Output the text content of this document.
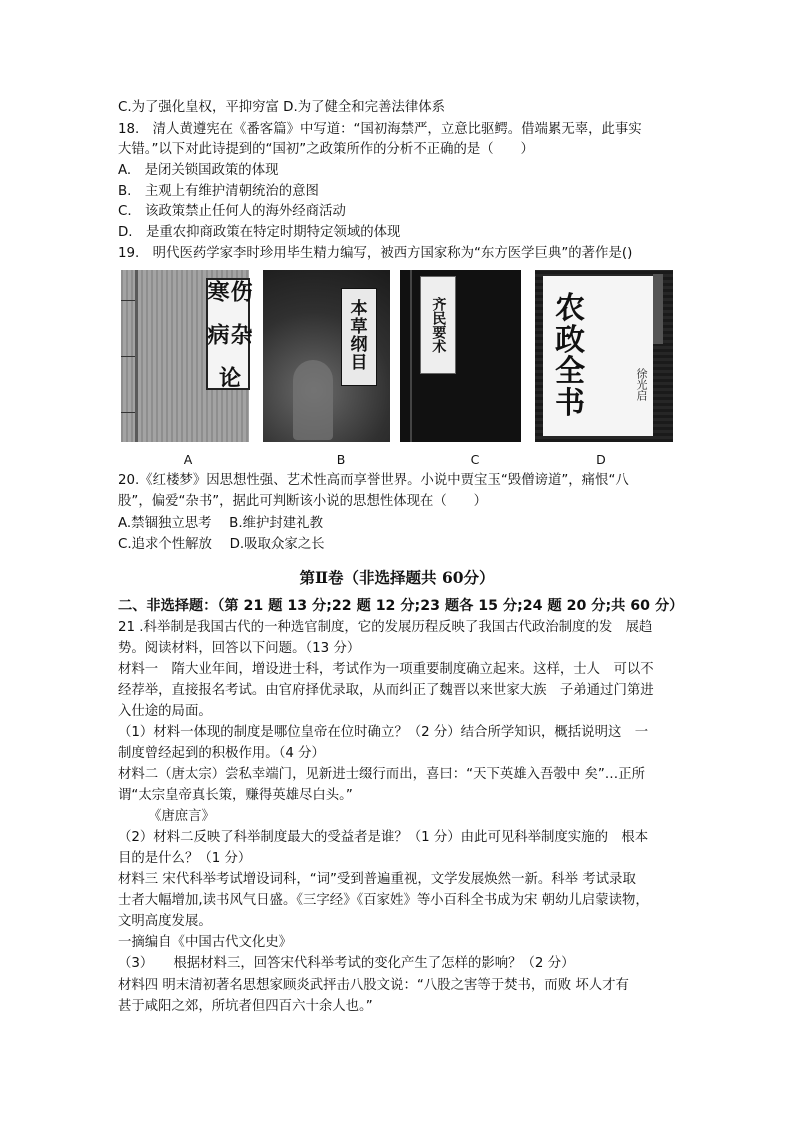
C.为了强化皇权，平抑穷富 D.为了健全和完善法律体系
18.　清人黄遵宪在《番客篇》中写道：“国初海禁严，立意比驱鳄。借端累无辜，此事实
大错。”以下对此诗提到的“国初”之政策所作的分析不正确的是（　　）
A.　是闭关锁国政策的体现
B.　主观上有维护清朝统治的意图
C.　该政策禁止任何人的海外经商活动
D.　是重农抑商政策在特定时期特定领域的体现
19.　明代医药学家李时珍用毕生精力编写，被西方国家称为“东方医学巨典”的著作是()
伤寒
杂病
论
本
草
纲
目
齐民
要术
农
政
全
书
徐光启
A	B	C	D
20.《红楼梦》因思想性强、艺术性高而享誉世界。小说中贾宝玉“毁僧谤道”，痛恨“八
股”，偏爱“杂书”，据此可判断该小说的思想性体现在（　　）
A.禁锢独立思考　 B.维护封建礼教
C.追求个性解放　 D.吸取众家之长
第Ⅱ卷（非选择题共 60分）
二、非选择题：（第 21 题 13 分;22 题 12 分;23 题各 15 分;24 题 20 分;共 60 分）
21 .科举制是我国古代的一种选官制度，它的发展历程反映了我国古代政治制度的发　展趋
势。阅读材料，回答以下问题。（13 分）
材料一　隋大业年间，增设进士科，考试作为一项重要制度确立起来。这样，士人　可以不
经荐举，直接报名考试。由官府择优录取，从而纠正了魏晋以来世家大族　子弟通过门第进
入仕途的局面。
（1）材料一体现的制度是哪位皇帝在位时确立？（2 分）结合所学知识，概括说明这　一
制度曾经起到的积极作用。（4 分）
材料二（唐太宗）尝私幸端门，见新进士缀行而出，喜曰：“天下英雄入吾彀中 矣”…正所
谓“太宗皇帝真长策，赚得英雄尽白头。”
《唐庶言》
（2）材料二反映了科举制度最大的受益者是谁？（1 分）由此可见科举制度实施的　根本
目的是什么？（1 分）
材料三 宋代科举考试增设词科，“词”受到普遍重视，文学发展焕然一新。科举 考试录取
士者大幅增加,读书风气日盛。《三字经》《百家姓》等小百科全书成为宋 朝幼儿启蒙读物，
文明高度发展。
一摘编自《中国古代文化史》
（3）　　根据材料三，回答宋代科举考试的变化产生了怎样的影响？（2 分）
材料四 明末清初著名思想家顾炎武抨击八股文说：“八股之害等于焚书，而败 坏人才有
甚于咸阳之郊，所坑者但四百六十余人也。”
